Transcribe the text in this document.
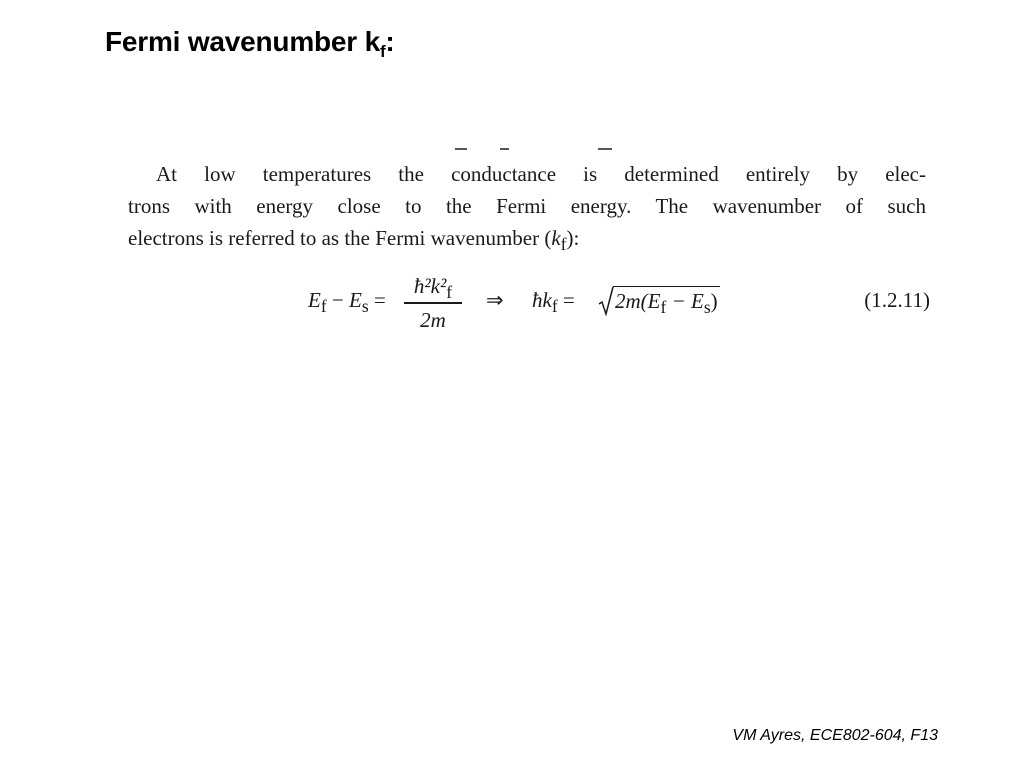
Fermi wavenumber $k_f$:
At low temperatures the conductance is determined entirely by elec-
trons with energy close to the Fermi energy. The wavenumber of such
electrons is referred to as the Fermi wavenumber $(k_f)$:
$E_f - E_s$ =
$ħ^2k^2_f$
2m
⇒ $ħk_f = 2m(E_f - E_s)$	(1.2.11)
VM Ayres, ECE802-604, F13
